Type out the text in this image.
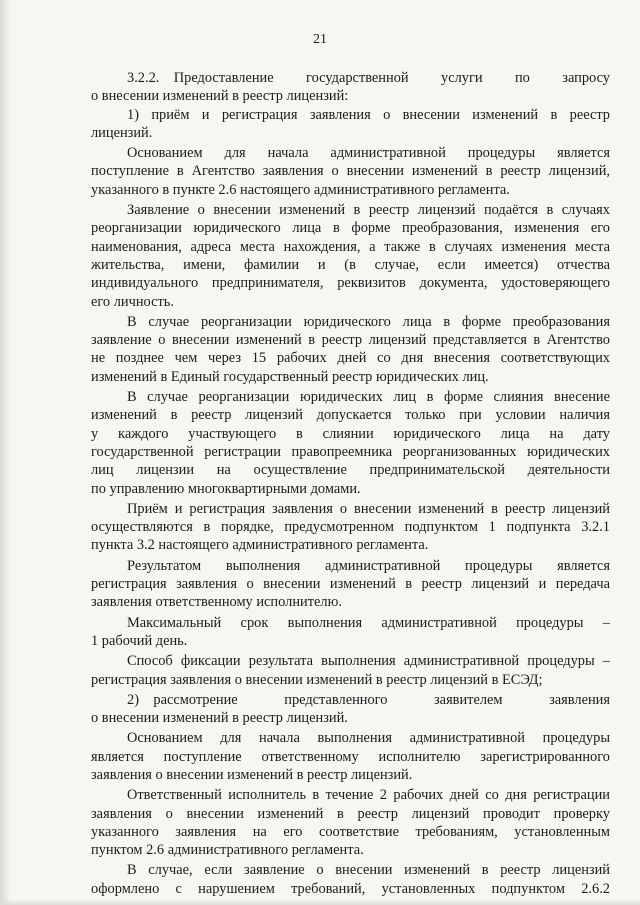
21
3.2.2. Предоставление государственной услуги по запросу
о внесении изменений в реестр лицензий:
1) приём и регистрация заявления о внесении изменений в реестр
лицензий.
Основанием для начала административной процедуры является
поступление в Агентство заявления о внесении изменений в реестр лицензий,
указанного в пункте 2.6 настоящего административного регламента.
Заявление о внесении изменений в реестр лицензий подаётся в случаях
реорганизации юридического лица в форме преобразования, изменения его
наименования, адреса места нахождения, а также в случаях изменения места
жительства, имени, фамилии и (в случае, если имеется) отчества
индивидуального предпринимателя, реквизитов документа, удостоверяющего
его личность.
В случае реорганизации юридического лица в форме преобразования
заявление о внесении изменений в реестр лицензий представляется в Агентство
не позднее чем через 15 рабочих дней со дня внесения соответствующих
изменений в Единый государственный реестр юридических лиц.
В случае реорганизации юридических лиц в форме слияния внесение
изменений в реестр лицензий допускается только при условии наличия
у каждого участвующего в слиянии юридического лица на дату
государственной регистрации правопреемника реорганизованных юридических
лиц лицензии на осуществление предпринимательской деятельности
по управлению многоквартирными домами.
Приём и регистрация заявления о внесении изменений в реестр лицензий
осуществляются в порядке, предусмотренном подпунктом 1 подпункта 3.2.1
пункта 3.2 настоящего административного регламента.
Результатом выполнения административной процедуры является
регистрация заявления о внесении изменений в реестр лицензий и передача
заявления ответственному исполнителю.
Максимальный срок выполнения административной процедуры –
1 рабочий день.
Способ фиксации результата выполнения административной процедуры –
регистрация заявления о внесении изменений в реестр лицензий в ЕСЭД;
2) рассмотрение представленного заявителем заявления
о внесении изменений в реестр лицензий.
Основанием для начала выполнения административной процедуры
является поступление ответственному исполнителю зарегистрированного
заявления о внесении изменений в реестр лицензий.
Ответственный исполнитель в течение 2 рабочих дней со дня регистрации
заявления о внесении изменений в реестр лицензий проводит проверку
указанного заявления на его соответствие требованиям, установленным
пунктом 2.6 административного регламента.
В случае, если заявление о внесении изменений в реестр лицензий
оформлено с нарушением требований, установленных подпунктом 2.6.2
